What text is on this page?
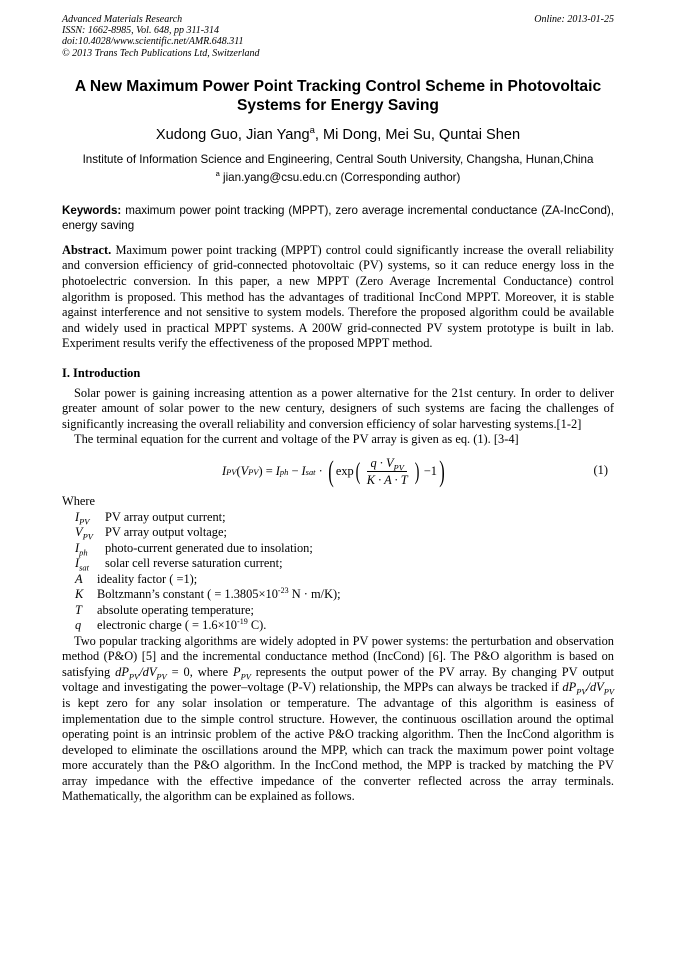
Advanced Materials Research
ISSN: 1662-8985, Vol. 648, pp 311-314
doi:10.4028/www.scientific.net/AMR.648.311
© 2013 Trans Tech Publications Ltd, Switzerland
Online: 2013-01-25
A New Maximum Power Point Tracking Control Scheme in Photovoltaic Systems for Energy Saving
Xudong Guo, Jian Yang$^a$, Mi Dong, Mei Su, Quntai Shen
Institute of Information Science and Engineering, Central South University, Changsha, Hunan,China
$^a$ jian.yang@csu.edu.cn (Corresponding author)
Keywords: maximum power point tracking (MPPT), zero average incremental conductance (ZA-IncCond), energy saving
Abstract. Maximum power point tracking (MPPT) control could significantly increase the overall reliability and conversion efficiency of grid-connected photovoltaic (PV) systems, so it can reduce energy loss in the photoelectric conversion. In this paper, a new MPPT (Zero Average Incremental Conductance) control algorithm is proposed. This method has the advantages of traditional IncCond MPPT. Moreover, it is stable against interference and not sensitive to system models. Therefore the proposed algorithm could be available and widely used in practical MPPT systems. A 200W grid-connected PV system prototype is built in lab. Experiment results verify the effectiveness of the proposed MPPT method.
I. Introduction
Solar power is gaining increasing attention as a power alternative for the 21st century. In order to deliver greater amount of solar power to the new century, designers of such systems are facing the challenges of significantly increasing the overall reliability and conversion efficiency of solar harvesting systems.[1-2]
The terminal equation for the current and voltage of the PV array is given as eq. (1). [3-4]
I PV ( V PV ) = I ph − I sat · ( exp ( $\frac{q \cdot V_{PV}}{K \cdot A \cdot T}$ ) −1 )	(1)
Where
$I_{PV}$	PV array output current;
$V_{PV}$ PV array output voltage;
$I_{ph}$	photo-current generated due to insolation;
$I_{sat}$	solar cell reverse saturation current;
A	ideality factor ( =1);
K	Boltzmann’s constant ( = $1.3805\times 10^{-23}$ N · m/K);
T	absolute operating temperature;
q	electronic charge ( = $1.6\times 10^{-19}$ C).
Two popular tracking algorithms are widely adopted in PV power systems: the perturbation and observation method (P&O) [5] and the incremental conductance method (IncCond) [6]. The P&O algorithm is based on satisfying $dP_{PV}/dV_{PV} = 0$, where $P_{PV}$ represents the output power of the PV array. By changing PV output voltage and investigating the power–voltage (P-V) relationship, the MPPs can always be tracked if $dP_{PV}/dV_{PV}$ is kept zero for any solar insolation or temperature. The advantage of this algorithm is easiness of implementation due to the simple control structure. However, the continuous oscillation around the optimal operating point is an intrinsic problem of the active P&O tracking algorithm. Then the IncCond algorithm is developed to eliminate the oscillations around the MPP, which can track the maximum power point voltage more accurately than the P&O algorithm. In the IncCond method, the MPP is tracked by matching the PV array impedance with the effective impedance of the converter reflected across the array terminals. Mathematically, the algorithm can be explained as follows.
